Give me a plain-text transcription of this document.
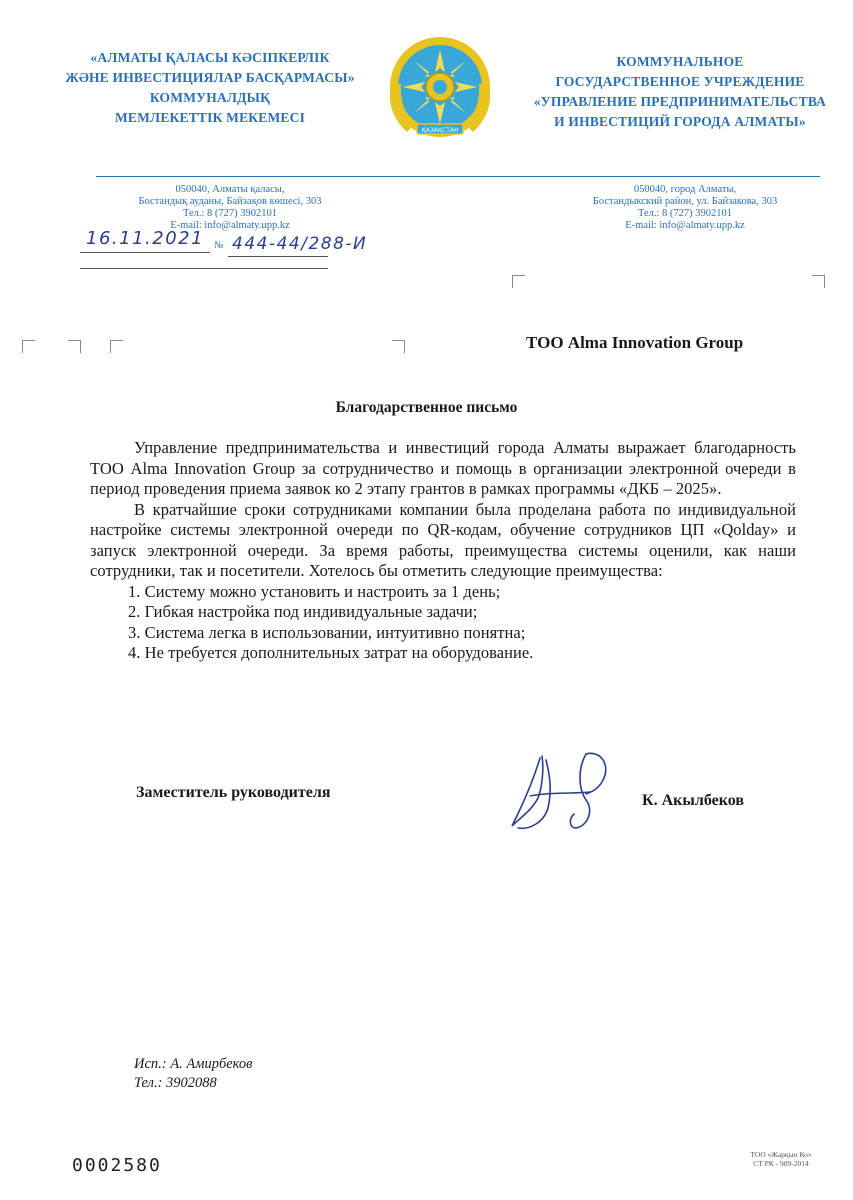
«АЛМАТЫ ҚАЛАСЫ КӘСІПКЕРЛІК
ЖӘНЕ ИНВЕСТИЦИЯЛАР БАСҚАРМАСЫ»
КОММУНАЛДЫҚ
МЕМЛЕКЕТТІК МЕКЕМЕСІ
ҚАЗАҚСТАН
КОММУНАЛЬНОЕ
ГОСУДАРСТВЕННОЕ УЧРЕЖДЕНИЕ
«УПРАВЛЕНИЕ ПРЕДПРИНИМАТЕЛЬСТВА
И ИНВЕСТИЦИЙ ГОРОДА АЛМАТЫ»
050040, Алматы қаласы,
Бостандық ауданы, Байзақов көшесі, 303
Тел.: 8 (727) 3902101
E-mail: info@almaty.upp.kz
050040, город Алматы,
Бостандыкский район, ул. Байзакова, 303
Тел.: 8 (727) 3902101
E-mail: info@almaty.upp.kz
16.11.2021 № 444-44/288-И
ТОО Alma Innovation Group
Благодарственное письмо

Управление предпринимательства и инвестиций города Алматы выражает благодарность ТОО Alma Innovation Group за сотрудничество и помощь в организации электронной очереди в период проведения приема заявок ко 2 этапу грантов в рамках программы «ДКБ – 2025».

В кратчайшие сроки сотрудниками компании была проделана работа по индивидуальной настройке системы электронной очереди по QR-кодам, обучение сотрудников ЦП «Qolday» и запуск электронной очереди. За время работы, преимущества системы оценили, как наши сотрудники, так и посетители. Хотелось бы отметить следующие преимущества:

1. Систему можно установить и настроить за 1 день;
2. Гибкая настройка под индивидуальные задачи;
3. Система легка в использовании, интуитивно понятна;
4. Не требуется дополнительных затрат на оборудование.
Заместитель руководителя	К. Акылбеков
Исп.: А. Амирбеков
Тел.: 3902088
0002580
ТОО «Жарқын Ко»
СТ РК - 989-2014
